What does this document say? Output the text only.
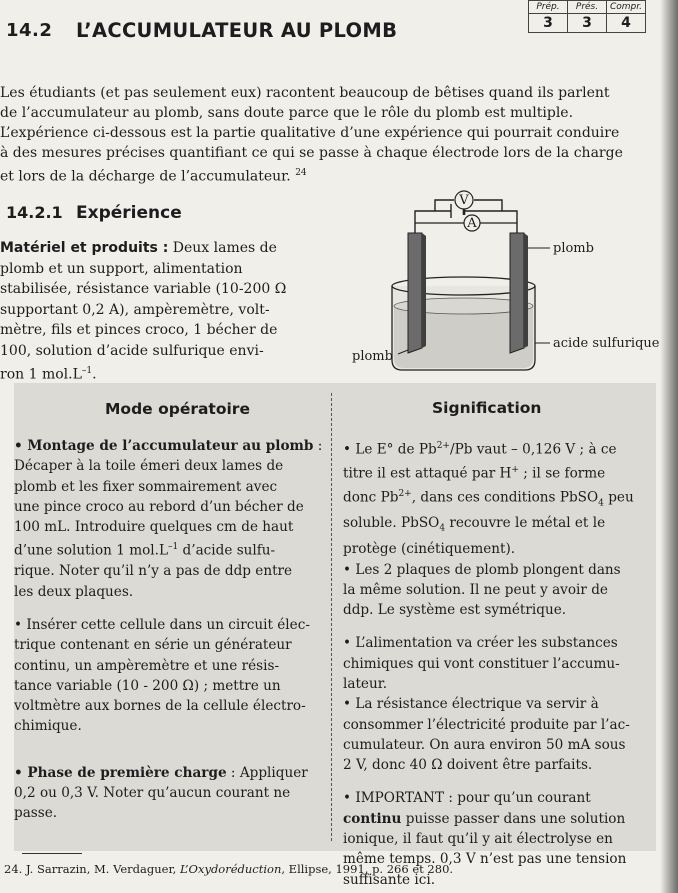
14.2 L’ACCUMULATEUR AU PLOMB
Prép.	Prés.	Compr.
3	3	4
Les étudiants (et pas seulement eux) racontent beaucoup de bêtises quand ils parlent
de l’accumulateur au plomb, sans doute parce que le rôle du plomb est multiple.
L’expérience ci-dessous est la partie qualitative d’une expérience qui pourrait conduire
à des mesures précises quantifiant ce qui se passe à chaque électrode lors de la charge
et lors de la décharge de l’accumulateur. $^{24}$
14.2.1 Expérience
Matériel et produits : Deux lames de
plomb et un support, alimentation
stabilisée, résistance variable (10-200 Ω
supportant 0,2 A), ampèremètre, volt-
mètre, fils et pinces croco, 1 bécher de
100, solution d’acide sulfurique envi-
ron 1 $mol.L^{-1}$.
V
A
plomb
acide sulfurique
plomb
Mode opératoire	Signification
• Montage de l’accumulateur au plomb :
Décaper à la toile émeri deux lames de
plomb et les fixer sommairement avec
une pince croco au rebord d’un bécher de
100 mL. Introduire quelques cm de haut
d’une solution 1 $mol.L^{-1}$ d’acide sulfu-
rique. Noter qu’il n’y a pas de ddp entre
les deux plaques.
• Insérer cette cellule dans un circuit élec-
trique contenant en série un générateur
continu, un ampèremètre et une résis-
tance variable (10 - 200 Ω) ; mettre un
voltmètre aux bornes de la cellule électro-
chimique.
• Phase de première charge : Appliquer
0,2 ou 0,3 V. Noter qu’aucun courant ne
passe.
• Le E° de $Pb^{2+}/Pb$ vaut – 0,126 V ; à ce
titre il est attaqué par H+ ; il se forme
donc $Pb^{2+}$, dans ces conditions PbSO$_4$ peu
soluble. PbSO$_4$ recouvre le métal et le
protège (cinétiquement).
• Les 2 plaques de plomb plongent dans
la même solution. Il ne peut y avoir de
ddp. Le système est symétrique.
• L’alimentation va créer les substances
chimiques qui vont constituer l’accumu-
lateur.
• La résistance électrique va servir à
consommer l’électricité produite par l’ac-
cumulateur. On aura environ 50 mA sous
2 V, donc 40 Ω doivent être parfaits.
• IMPORTANT : pour qu’un courant
continu puisse passer dans une solution
ionique, il faut qu’il y ait électrolyse en
même temps. 0,3 V n’est pas une tension
suffisante ici.
24. J. Sarrazin, M. Verdaguer, L’Oxydoréduction, Ellipse, 1991, p. 266 et 280.
